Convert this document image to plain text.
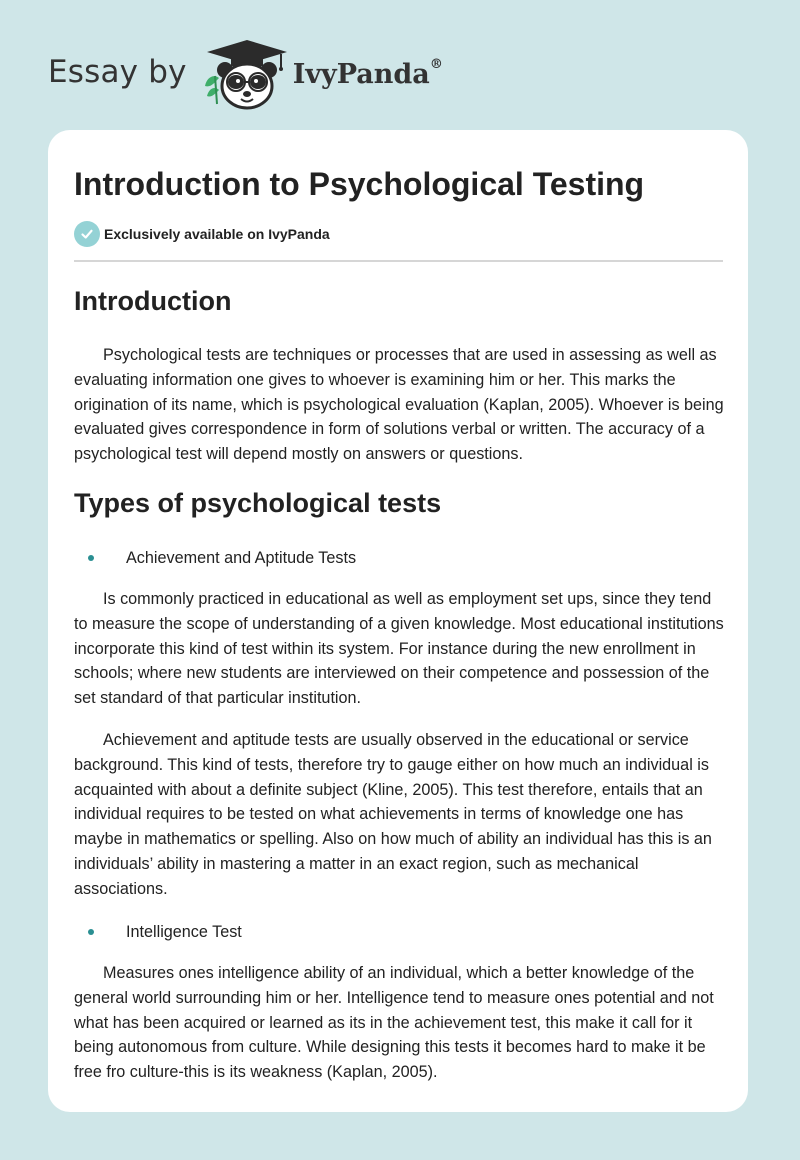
Essay by	IvyPanda®
Introduction to Psychological Testing
Exclusively available on IvyPanda
Introduction

Psychological tests are techniques or processes that are used in assessing as well as evaluating information one gives to whoever is examining him or her. This marks the origination of its name, which is psychological evaluation (Kaplan, 2005). Whoever is being evaluated gives correspondence in form of solutions verbal or written. The accuracy of a psychological test will depend mostly on answers or questions.

Types of psychological tests
Achievement and Aptitude Tests

Is commonly practiced in educational as well as employment set ups, since they tend to measure the scope of understanding of a given knowledge. Most educational institutions incorporate this kind of test within its system. For instance during the new enrollment in schools; where new students are interviewed on their competence and possession of the set standard of that particular institution.

Achievement and aptitude tests are usually observed in the educational or service background. This kind of tests, therefore try to gauge either on how much an individual is acquainted with about a definite subject (Kline, 2005). This test therefore, entails that an individual requires to be tested on what achievements in terms of knowledge one has maybe in mathematics or spelling. Also on how much of ability an individual has this is an individuals’ ability in mastering a matter in an exact region, such as mechanical associations.

Intelligence Test

Measures ones intelligence ability of an individual, which a better knowledge of the general world surrounding him or her. Intelligence tend to measure ones potential and not what has been acquired or learned as its in the achievement test, this make it call for it being autonomous from culture. While designing this tests it becomes hard to make it be free fro culture-this is its weakness (Kaplan, 2005).
